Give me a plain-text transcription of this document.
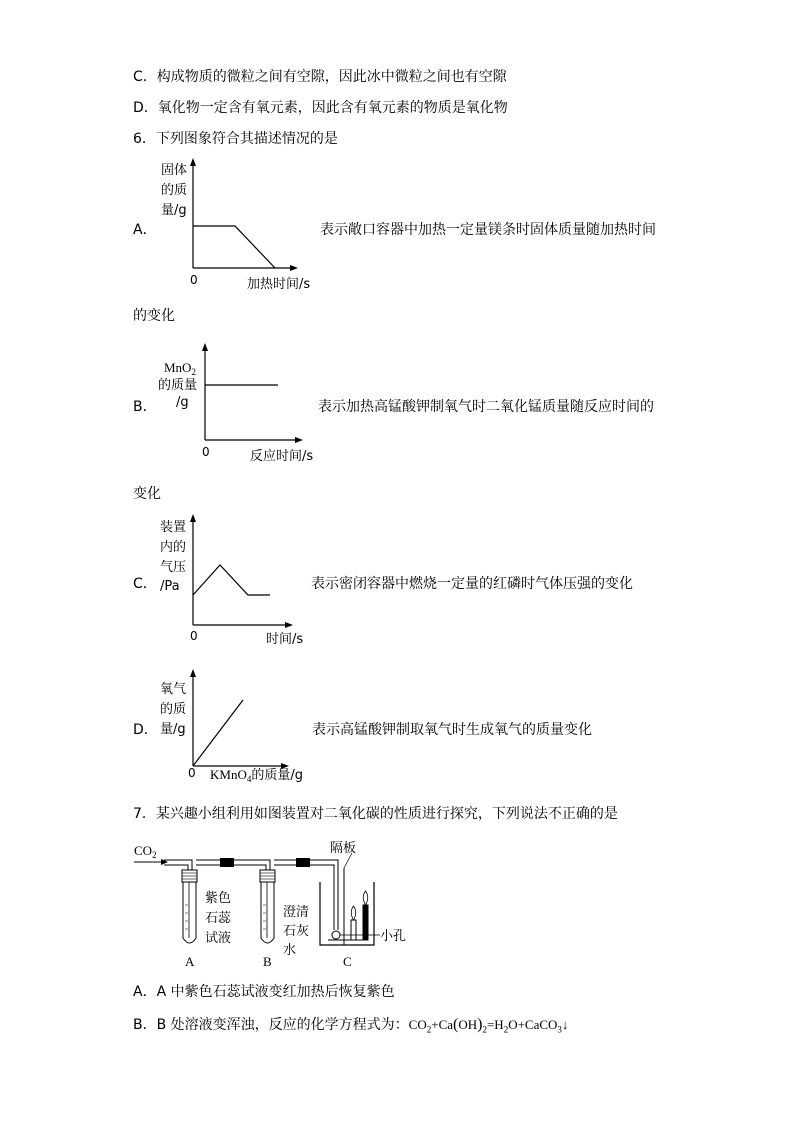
C．构成物质的微粒之间有空隙，因此冰中微粒之间也有空隙
D．氧化物一定含有氧元素，因此含有氧元素的物质是氧化物
6．下列图象符合其描述情况的是
A．	表示敞口容器中加热一定量镁条时固体质量随加热时间
的变化
固体
的质
量/g
0	加热时间/s
B．	表示加热高锰酸钾制氧气时二氧化锰质量随反应时间的
变化
MnO$_2$
的质量
/g
0	反应时间/s
C．	表示密闭容器中燃烧一定量的红磷时气体压强的变化
装置
内的
气压
/Pa
0	时间/s
D．	表示高锰酸钾制取氧气时生成氧气的质量变化
氧气
的质
量/g
0 KMnO$_4$的质量/g
7．某兴趣小组利用如图装置对二氧化碳的性质进行探究，下列说法不正确的是
$CO_2$	隔板
小孔
紫色
石蕊
试液
澄清
石灰
水
A	B	C
A．A 中紫色石蕊试液变红加热后恢复紫色
B．B 处溶液变浑浊，反应的化学方程式为：$CO_2+Ca(OH)_2=H_2O+CaCO_3↓$
